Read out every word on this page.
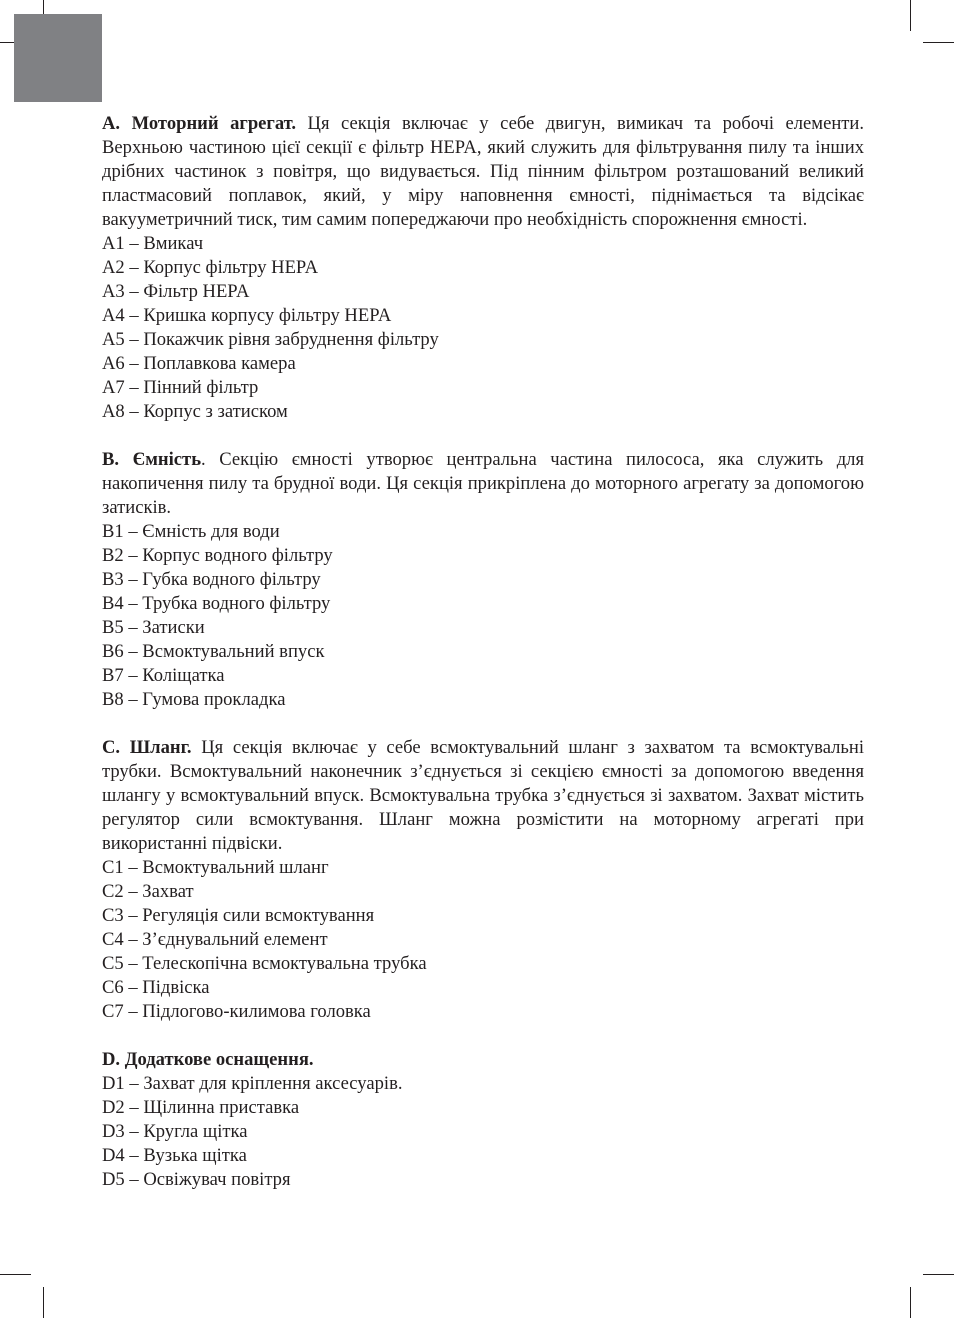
A. Моторний агрегат. Ця секція включає у себе двигун, вимикач та робочі елементи. Верхньою частиною цієї секції є фільтр HEPA, який служить для фільтрування пилу та інших дрібних частинок з повітря, що видувається. Під пінним фільтром розташований великий пластмасовий поплавок, який, у міру наповнення ємності, піднімається та відсікає вакууметричний тиск, тим самим попереджаючи про необхідність спорожнення ємності.

A1 – Вмикач

A2 – Корпус фільтру HEPA

A3 – Фільтр HEPA

A4 – Кришка корпусу фільтру HEPA

A5 – Покажчик рівня забруднення фільтру

A6 – Поплавкова камера

A7 – Пінний фільтр

A8 – Корпус з затиском

B. Ємність. Секцію ємності утворює центральна частина пилососа, яка служить для накопичення пилу та брудної води. Ця секція прикріплена до моторного агрегату за допомогою затисків.

B1 – Ємність для води

B2 – Корпус водного фільтру

B3 – Губка водного фільтру

B4 – Трубка водного фільтру

B5 – Затиски

B6 – Всмоктувальний впуск

B7 – Коліщатка

B8 – Гумова прокладка

C. Шланг. Ця секція включає у себе всмоктувальний шланг з захватом та всмоктувальні трубки. Всмоктувальний наконечник з’єднується зі секцією ємності за допомогою введення шлангу у всмоктувальний впуск. Всмоктувальна трубка з’єднується зі захватом. Захват містить регулятор сили всмоктування. Шланг можна розмістити на моторному агрегаті при використанні підвіски.

C1 – Всмоктувальний шланг

C2 – Захват

C3 – Регуляція сили всмоктування

C4 – З’єднувальний елемент

C5 – Телескопічна всмоктувальна трубка

C6 – Підвіска

C7 – Підлогово-килимова головка

D. Додаткове оснащення.

D1 – Захват для кріплення аксесуарів.

D2 – Щілинна приставка

D3 – Кругла щітка

D4 – Вузька щітка

D5 – Освіжувач повітря
